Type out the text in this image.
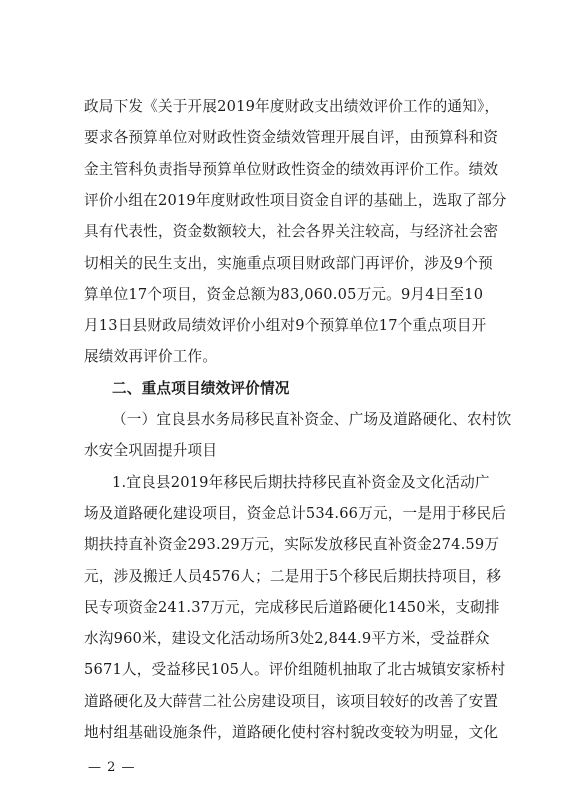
政局下发《关于开展2019年度财政支出绩效评价工作的通知》，
要求各预算单位对财政性资金绩效管理开展自评，由预算科和资
金主管科负责指导预算单位财政性资金的绩效再评价工作。绩效
评价小组在2019年度财政性项目资金自评的基础上，选取了部分
具有代表性，资金数额较大，社会各界关注较高，与经济社会密
切相关的民生支出，实施重点项目财政部门再评价，涉及9个预
算单位17个项目，资金总额为83,060.05万元。9月4日至10
月13日县财政局绩效评价小组对9个预算单位17个重点项目开
展绩效再评价工作。
二、重点项目绩效评价情况
（一）宜良县水务局移民直补资金、广场及道路硬化、农村饮
水安全巩固提升项目
1.宜良县2019年移民后期扶持移民直补资金及文化活动广
场及道路硬化建设项目，资金总计534.66万元，一是用于移民后
期扶持直补资金293.29万元，实际发放移民直补资金274.59万
元，涉及搬迁人员4576人；二是用于5个移民后期扶持项目，移
民专项资金241.37万元，完成移民后道路硬化1450米，支砌排
水沟960米，建设文化活动场所3处2,844.9平方米，受益群众
5671人，受益移民105人。评价组随机抽取了北古城镇安家桥村
道路硬化及大薛营二社公房建设项目，该项目较好的改善了安置
地村组基础设施条件，道路硬化使村容村貌改变较为明显，文化
— 2 —
